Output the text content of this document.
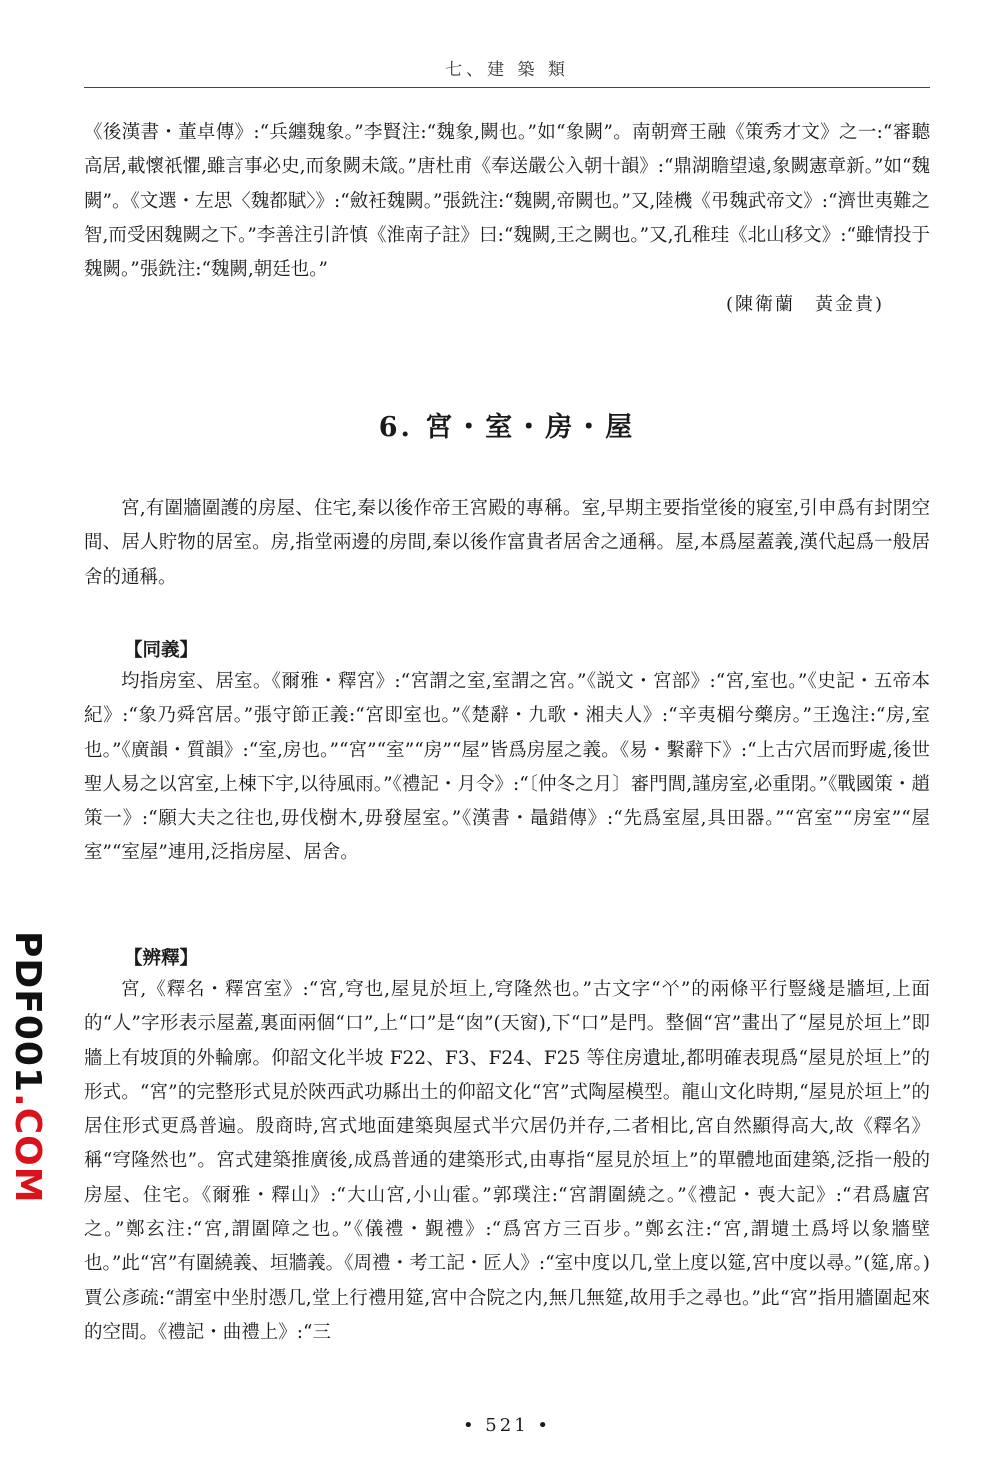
七、建 築 類

《後漢書・董卓傳》:“兵纏魏象。”李賢注:“魏象,闕也。”如“象闕”。南朝齊王融《策秀才文》之一:“審聽高居,載懷祇懼,雖言事必史,而象闕未箴。”唐杜甫《奉送嚴公入朝十韻》:“鼎湖瞻望遠,象闕憲章新。”如“魏闕”。《文選・左思〈魏都賦〉》:“斂衽魏闕。”張銑注:“魏闕,帝闕也。”又,陸機《弔魏武帝文》:“濟世夷難之智,而受困魏闕之下。”李善注引許慎《淮南子註》曰:“魏闕,王之闕也。”又,孔稚珪《北山移文》:“雖情投于魏闕。”張銑注:“魏闕,朝廷也。”

(陳衛蘭　黃金貴)
6. 宮・室・房・屋

宮,有圍牆圍護的房屋、住宅,秦以後作帝王宮殿的專稱。室,早期主要指堂後的寢室,引申爲有封閉空間、居人貯物的居室。房,指堂兩邊的房間,秦以後作富貴者居舍之通稱。屋,本爲屋蓋義,漢代起爲一般居舍的通稱。

【同義】

均指房室、居室。《爾雅・釋宮》:“宮謂之室,室謂之宮。”《説文・宮部》:“宮,室也。”《史記・五帝本紀》:“象乃舜宮居。”張守節正義:“宮即室也。”《楚辭・九歌・湘夫人》:“辛夷楣兮藥房。”王逸注:“房,室也。”《廣韻・質韻》:“室,房也。”“宮”“室”“房”“屋”皆爲房屋之義。《易・繫辭下》:“上古穴居而野處,後世聖人易之以宮室,上棟下宇,以待風雨。”《禮記・月令》:“〔仲冬之月〕審門閭,謹房室,必重閉。”《戰國策・趙策一》:“願大夫之往也,毋伐樹木,毋發屋室。”《漢書・鼂錯傳》:“先爲室屋,具田器。”“宮室”“房室”“屋室”“室屋”連用,泛指房屋、居舍。

【辨釋】

宮,《釋名・釋宮室》:“宮,穹也,屋見於垣上,穹隆然也。”古文字“𠁥”的兩條平行豎綫是牆垣,上面的“人”字形表示屋蓋,裏面兩個“口”,上“口”是“囱”(天窗),下“口”是門。整個“宮”畫出了“屋見於垣上”即牆上有坡頂的外輪廓。仰韶文化半坡 F22、F3、F24、F25 等住房遺址,都明確表現爲“屋見於垣上”的形式。“宮”的完整形式見於陝西武功縣出土的仰韶文化“宮”式陶屋模型。龍山文化時期,“屋見於垣上”的居住形式更爲普遍。殷商時,宮式地面建築與屋式半穴居仍并存,二者相比,宮自然顯得高大,故《釋名》稱“穹隆然也”。宮式建築推廣後,成爲普通的建築形式,由專指“屋見於垣上”的單體地面建築,泛指一般的房屋、住宅。《爾雅・釋山》:“大山宮,小山霍。”郭璞注:“宮謂圍繞之。”《禮記・喪大記》:“君爲廬宮之。”鄭玄注:“宮,謂圍障之也。”《儀禮・覲禮》:“爲宮方三百步。”鄭玄注:“宮,謂壝土爲埒以象牆壁也。”此“宮”有圍繞義、垣牆義。《周禮・考工記・匠人》:“室中度以几,堂上度以筵,宮中度以尋。”(筵,席。)賈公彥疏:“謂室中坐肘憑几,堂上行禮用筵,宮中合院之内,無几無筵,故用手之尋也。”此“宮”指用牆圍起來的空間。《禮記・曲禮上》:“三

PDF001.COM
• 521 •
